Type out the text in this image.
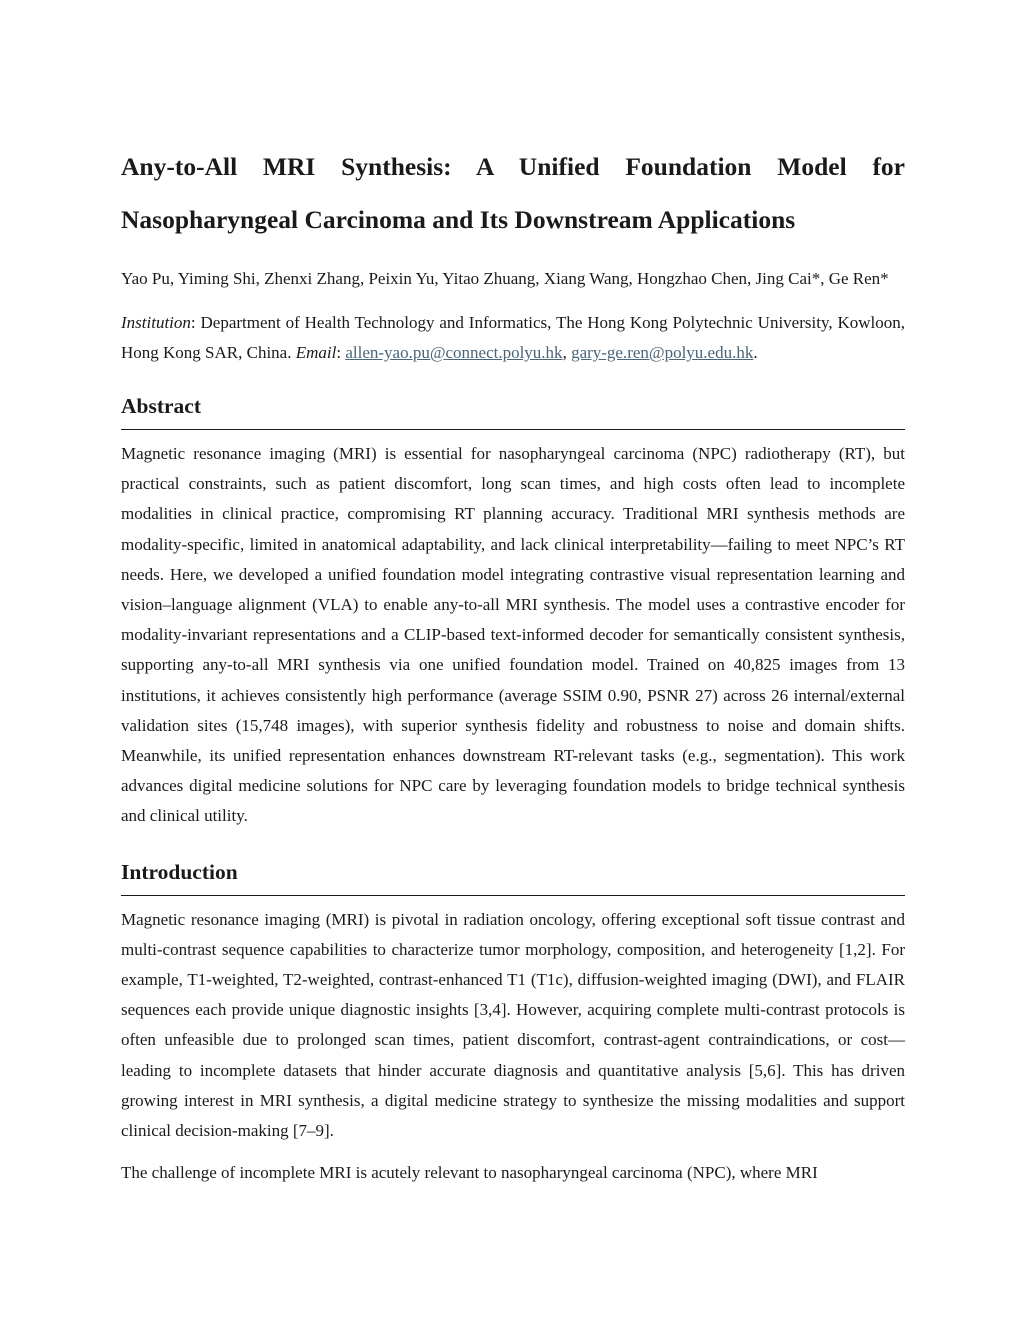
Any-to-All MRI Synthesis: A Unified Foundation Model for Nasopharyngeal Carcinoma and Its Downstream Applications
Yao Pu, Yiming Shi, Zhenxi Zhang, Peixin Yu, Yitao Zhuang, Xiang Wang, Hongzhao Chen, Jing Cai*, Ge Ren*
Institution: Department of Health Technology and Informatics, The Hong Kong Polytechnic University, Kowloon, Hong Kong SAR, China. Email: allen-yao.pu@connect.polyu.hk, gary-ge.ren@polyu.edu.hk.
Abstract

Magnetic resonance imaging (MRI) is essential for nasopharyngeal carcinoma (NPC) radiotherapy (RT), but practical constraints, such as patient discomfort, long scan times, and high costs often lead to incomplete modalities in clinical practice, compromising RT planning accuracy. Traditional MRI synthesis methods are modality-specific, limited in anatomical adaptability, and lack clinical interpretability—failing to meet NPC’s RT needs. Here, we developed a unified foundation model integrating contrastive visual representation learning and vision–language alignment (VLA) to enable any-to-all MRI synthesis. The model uses a contrastive encoder for modality-invariant representations and a CLIP-based text-informed decoder for semantically consistent synthesis, supporting any-to-all MRI synthesis via one unified foundation model. Trained on 40,825 images from 13 institutions, it achieves consistently high performance (average SSIM 0.90, PSNR 27) across 26 internal/external validation sites (15,748 images), with superior synthesis fidelity and robustness to noise and domain shifts. Meanwhile, its unified representation enhances downstream RT-relevant tasks (e.g., segmentation). This work advances digital medicine solutions for NPC care by leveraging foundation models to bridge technical synthesis and clinical utility.

Introduction

Magnetic resonance imaging (MRI) is pivotal in radiation oncology, offering exceptional soft tissue contrast and multi-contrast sequence capabilities to characterize tumor morphology, composition, and heterogeneity [1,2]. For example, T1-weighted, T2-weighted, contrast-enhanced T1 (T1c), diffusion-weighted imaging (DWI), and FLAIR sequences each provide unique diagnostic insights [3,4]. However, acquiring complete multi-contrast protocols is often unfeasible due to prolonged scan times, patient discomfort, contrast-agent contraindications, or cost—leading to incomplete datasets that hinder accurate diagnosis and quantitative analysis [5,6]. This has driven growing interest in MRI synthesis, a digital medicine strategy to synthesize the missing modalities and support clinical decision-making [7–9].

The challenge of incomplete MRI is acutely relevant to nasopharyngeal carcinoma (NPC), where MRI
